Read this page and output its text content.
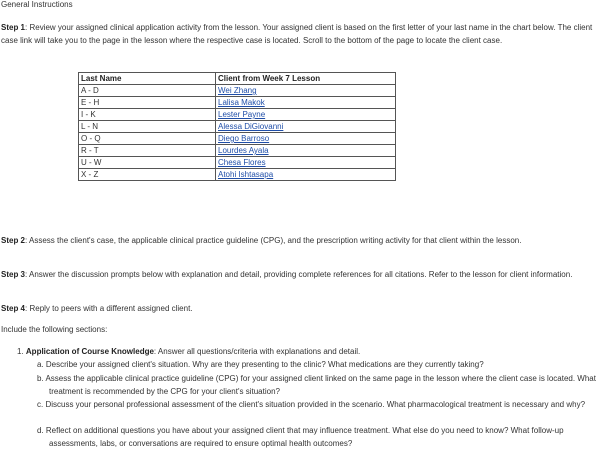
General Instructions
Step 1: Review your assigned clinical application activity from the lesson. Your assigned client is based on the first letter of your last name in the chart below. The client case link will take you to the page in the lesson where the respective case is located. Scroll to the bottom of the page to locate the client case.
Last Name	Client from Week 7 Lesson
A - D	Wei Zhang
E - H	Lalisa Makok
I - K	Lester Payne
L - N	Alessa DiGiovanni
O - Q	Diego Barroso
R - T	Lourdes Ayala
U - W	Chesa Flores
X - Z	Atohi Ishtasapa
Step 2: Assess the client's case, the applicable clinical practice guideline (CPG), and the prescription writing activity for that client within the lesson.
Step 3: Answer the discussion prompts below with explanation and detail, providing complete references for all citations. Refer to the lesson for client information.
Step 4: Reply to peers with a different assigned client.
Include the following sections:
1. Application of Course Knowledge: Answer all questions/criteria with explanations and detail.
a. Describe your assigned client's situation. Why are they presenting to the clinic? What medications are they currently taking?
b. Assess the applicable clinical practice guideline (CPG) for your assigned client linked on the same page in the lesson where the client case is located. What treatment is recommended by the CPG for your client's situation?
c. Discuss your personal professional assessment of the client's situation provided in the scenario. What pharmacological treatment is necessary and why?
d. Reflect on additional questions you have about your assigned client that may influence treatment. What else do you need to know? What follow-up assessments, labs, or conversations are required to ensure optimal health outcomes?
